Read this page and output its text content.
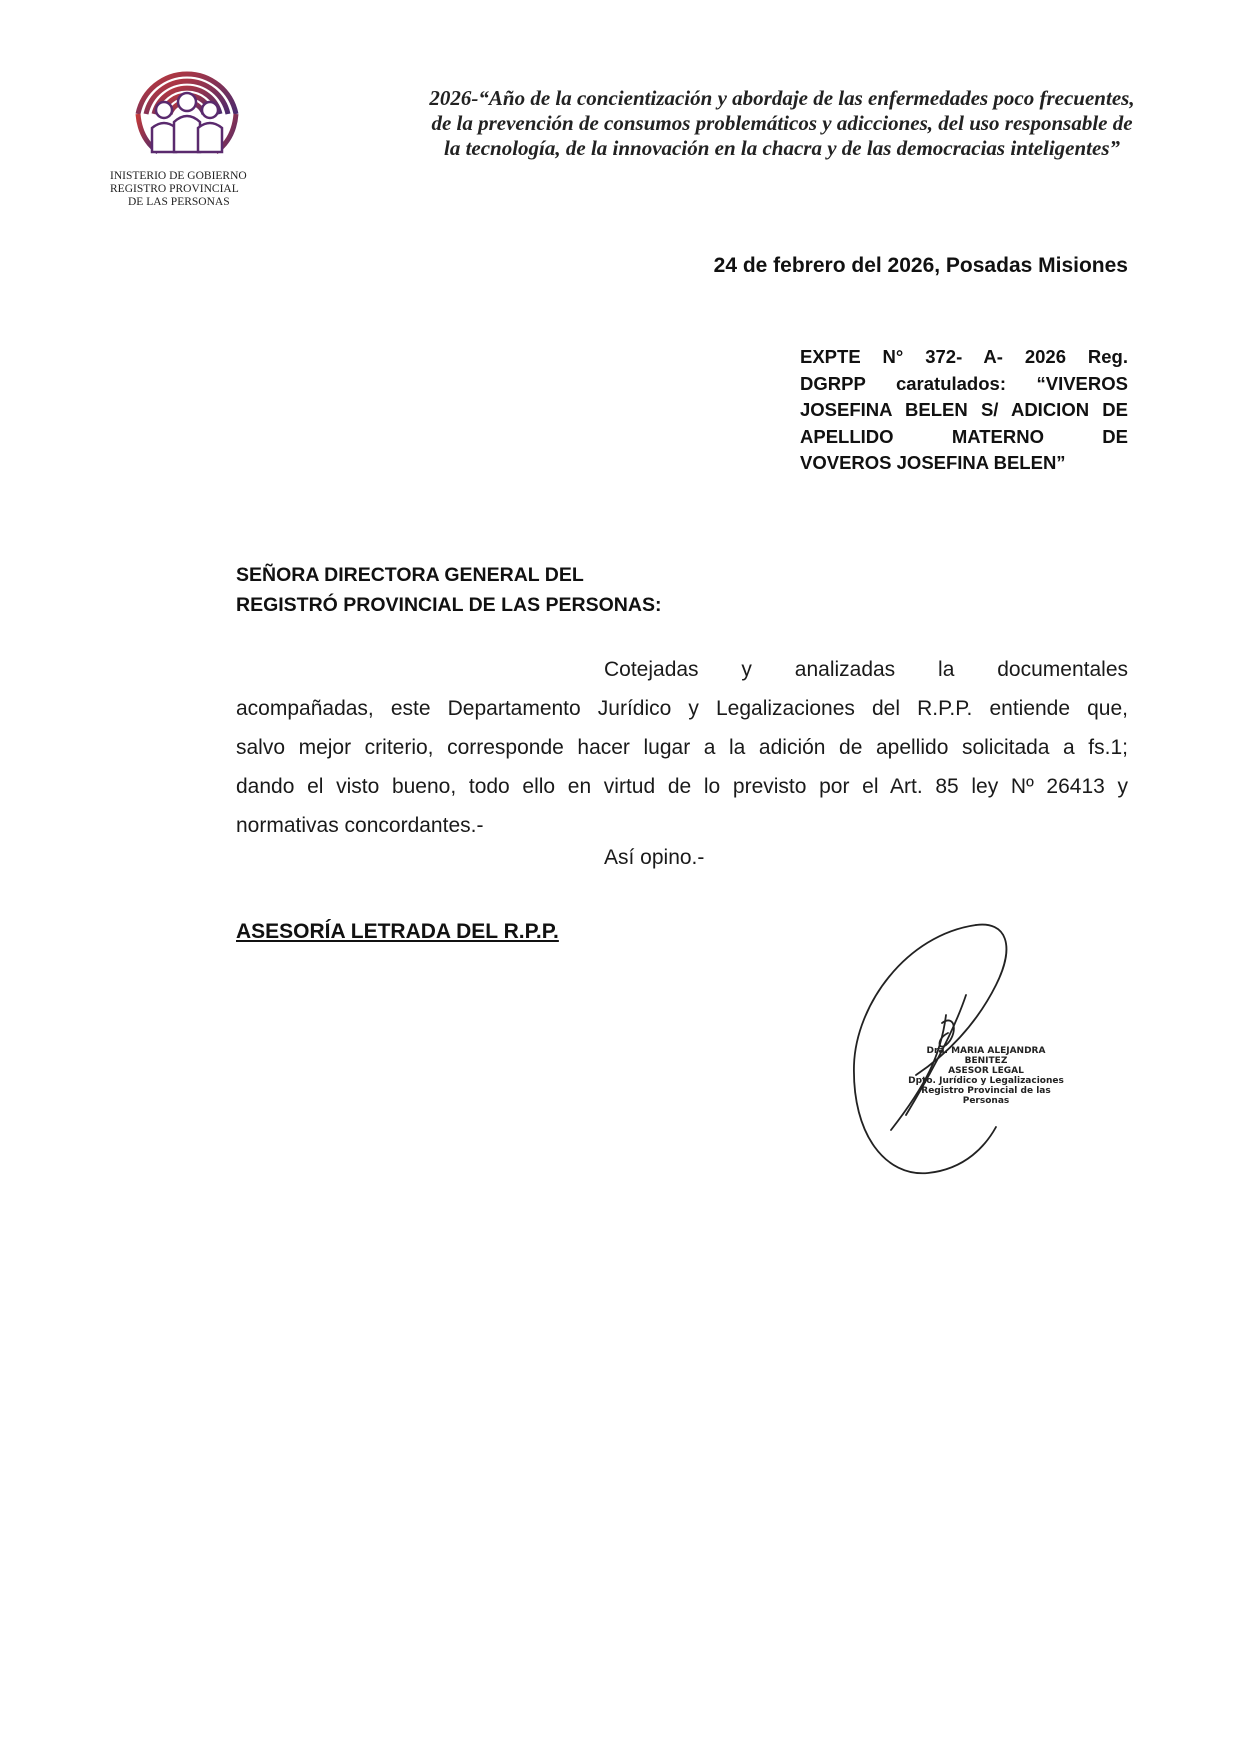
INISTERIO DE GOBIERNO
REGISTRO PROVINCIAL
DE LAS PERSONAS
2026-“Año de la concientización y abordaje de las enfermedades poco frecuentes,
de la prevención de consumos problemáticos y adicciones, del uso responsable de
la tecnología, de la innovación en la chacra y de las democracias inteligentes”
24 de febrero del 2026, Posadas Misiones
EXPTE N° 372- A- 2026 Reg.
DGRPP caratulados: “VIVEROS
JOSEFINA BELEN S/ ADICION DE
APELLIDO MATERNO DE
VOVEROS JOSEFINA BELEN”
SEÑORA DIRECTORA GENERAL DEL
REGISTRÓ PROVINCIAL DE LAS PERSONAS:
Cotejadas y analizadas la documentales
acompañadas, este Departamento Jurídico y Legalizaciones del R.P.P. entiende que,
salvo mejor criterio, corresponde hacer lugar a la adición de apellido solicitada a fs.1;
dando el visto bueno, todo ello en virtud de lo previsto por el Art. 85 ley Nº 26413 y
normativas concordantes.-
Así opino.-
ASESORÍA LETRADA DEL R.P.P.
Dra. MARIA ALEJANDRA BENITEZ
ASESOR LEGAL
Dpto. Jurídico y Legalizaciones
Registro Provincial de las Personas
